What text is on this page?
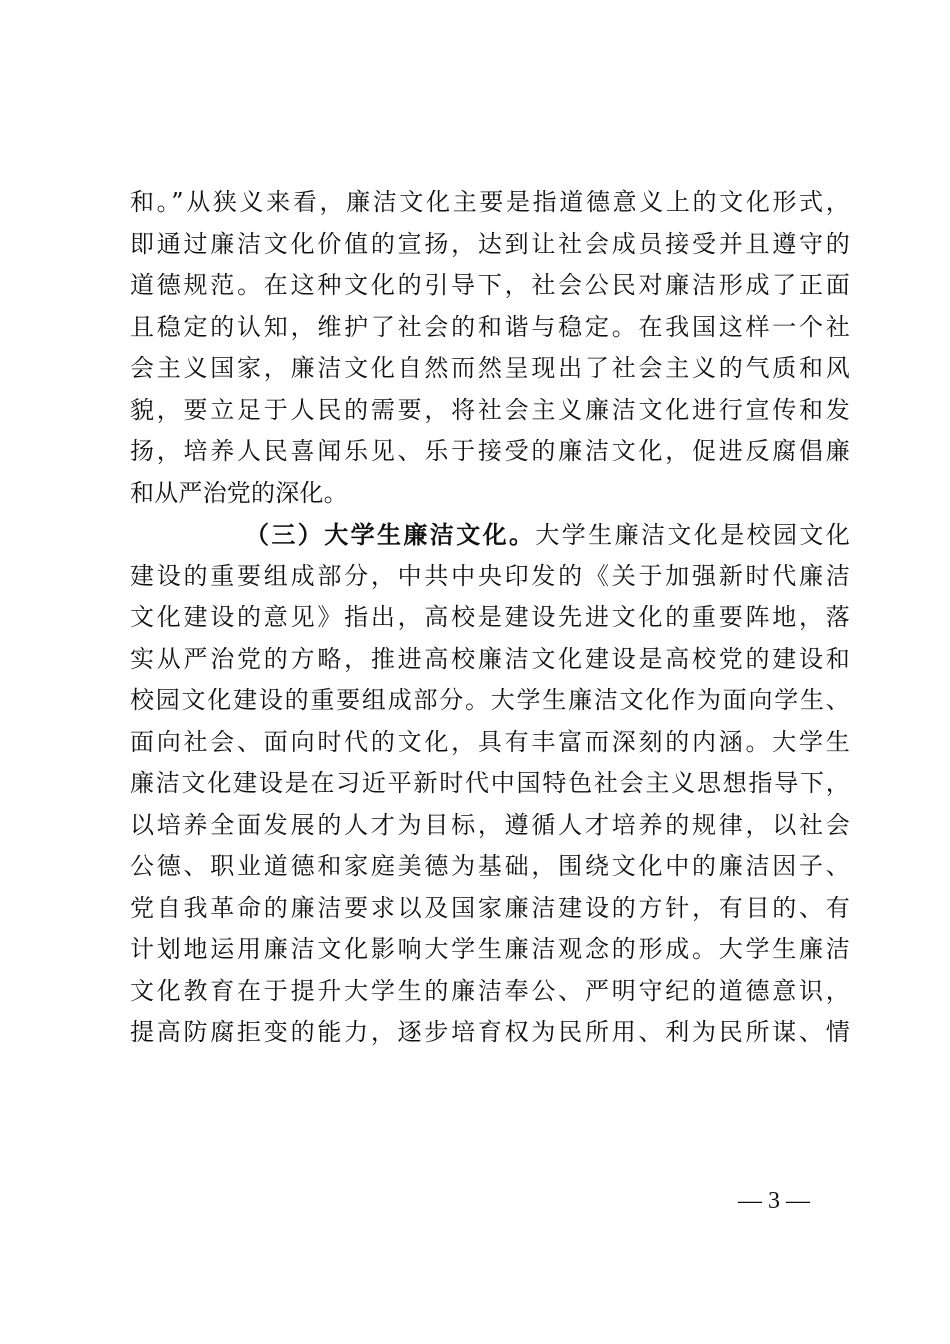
和。”从狭义来看，廉洁文化主要是指道德意义上的文化形式，
即通过廉洁文化价值的宣扬，达到让社会成员接受并且遵守的
道德规范。在这种文化的引导下，社会公民对廉洁形成了正面
且稳定的认知，维护了社会的和谐与稳定。在我国这样一个社
会主义国家，廉洁文化自然而然呈现出了社会主义的气质和风
貌，要立足于人民的需要，将社会主义廉洁文化进行宣传和发
扬，培养人民喜闻乐见、乐于接受的廉洁文化，促进反腐倡廉
和从严治党的深化。
（三）大学生廉洁文化。大学生廉洁文化是校园文化
建设的重要组成部分，中共中央印发的《关于加强新时代廉洁
文化建设的意见》指出，高校是建设先进文化的重要阵地，落
实从严治党的方略，推进高校廉洁文化建设是高校党的建设和
校园文化建设的重要组成部分。大学生廉洁文化作为面向学生、
面向社会、面向时代的文化，具有丰富而深刻的内涵。大学生
廉洁文化建设是在习近平新时代中国特色社会主义思想指导下，
以培养全面发展的人才为目标，遵循人才培养的规律，以社会
公德、职业道德和家庭美德为基础，围绕文化中的廉洁因子、
党自我革命的廉洁要求以及国家廉洁建设的方针，有目的、有
计划地运用廉洁文化影响大学生廉洁观念的形成。大学生廉洁
文化教育在于提升大学生的廉洁奉公、严明守纪的道德意识，
提高防腐拒变的能力，逐步培育权为民所用、利为民所谋、情
— 3 —
